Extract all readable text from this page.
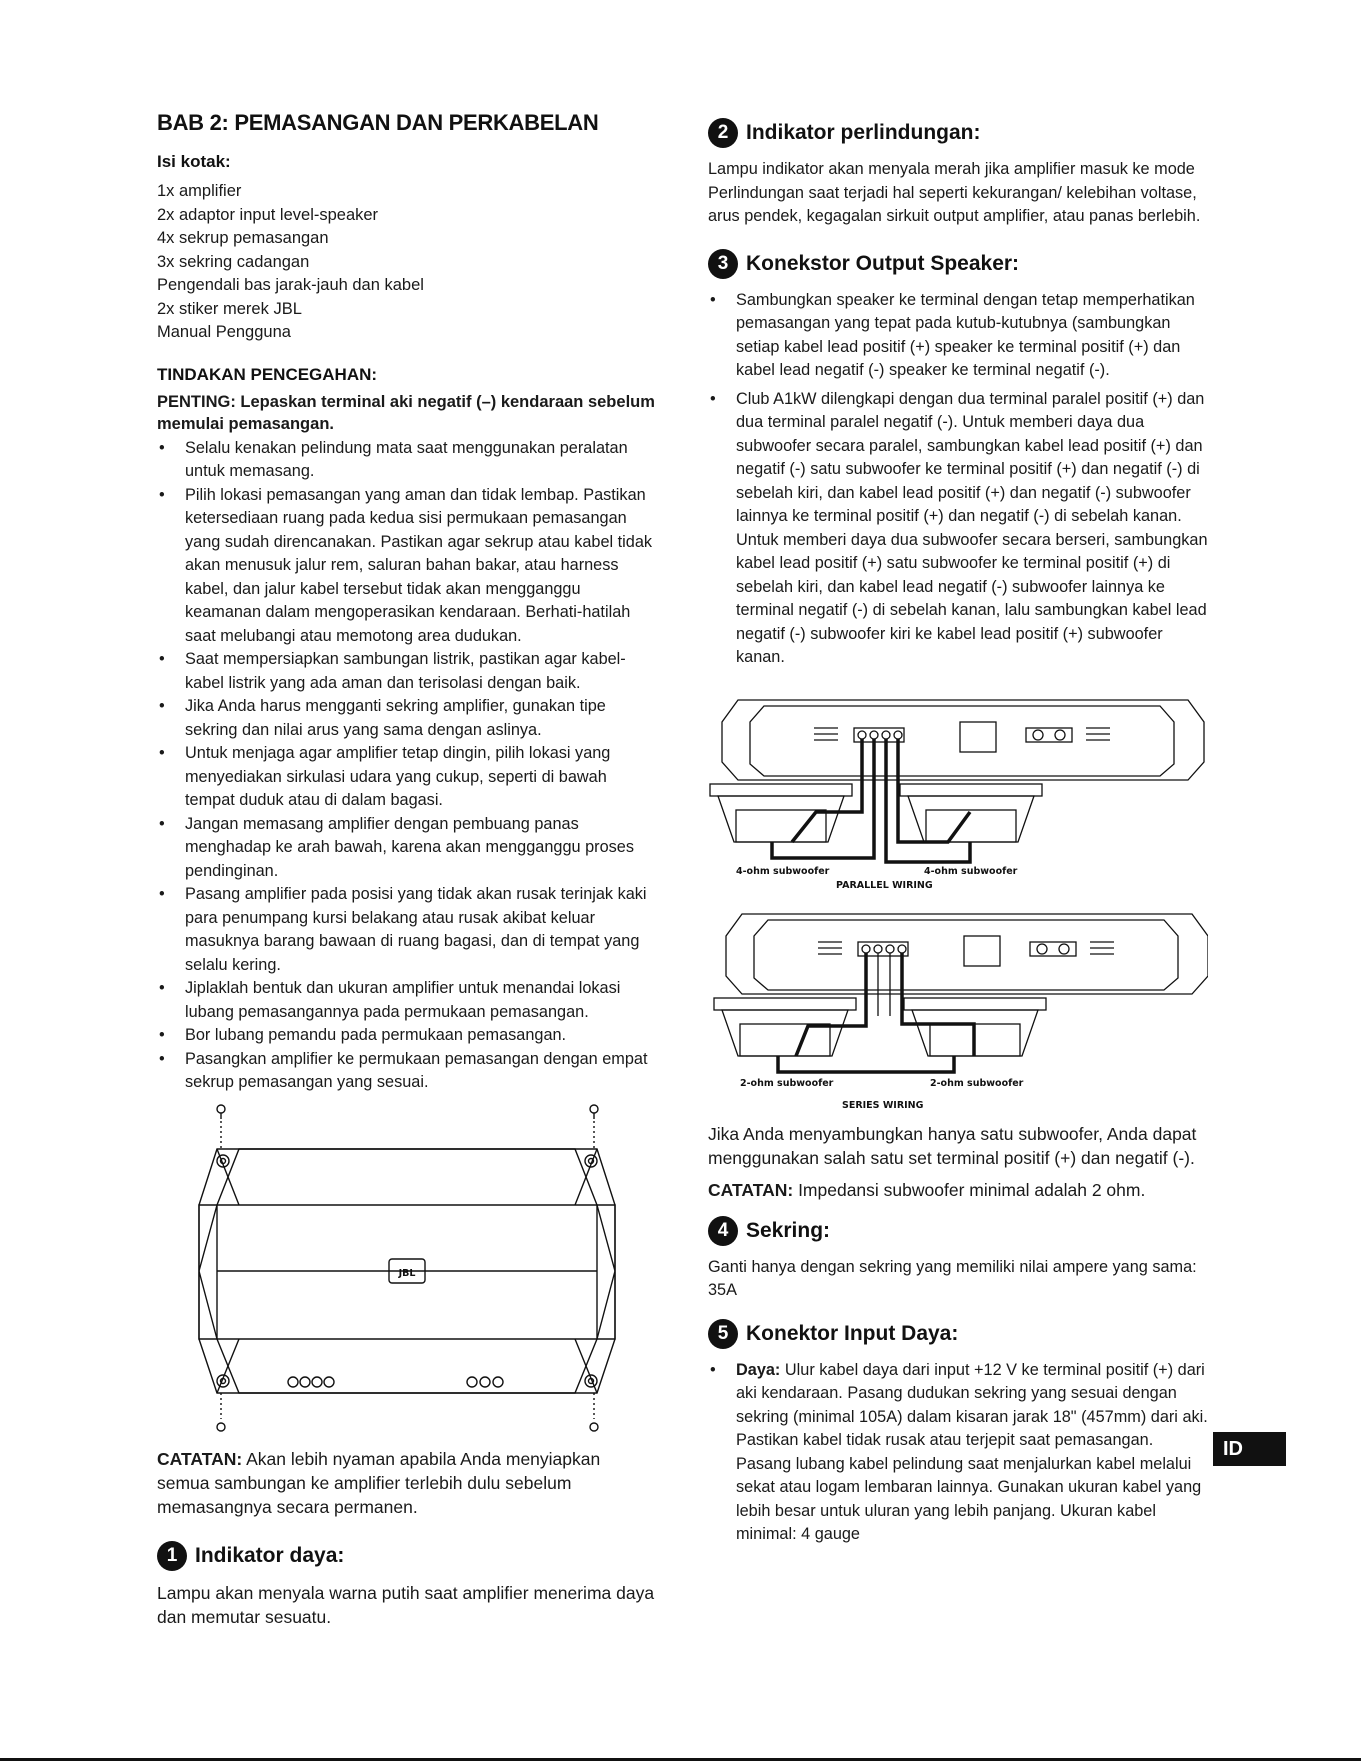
BAB 2: PEMASANGAN DAN PERKABELAN

Isi kotak:

1x amplifier

2x adaptor input level-speaker

4x sekrup pemasangan

3x sekring cadangan

Pengendali bas jarak-jauh dan kabel

2x stiker merek JBL

Manual Pengguna

TINDAKAN PENCEGAHAN:

PENTING: Lepaskan terminal aki negatif (–) kendaraan sebelum memulai pemasangan.

• Selalu kenakan pelindung mata saat menggunakan peralatan untuk memasang.
• Pilih lokasi pemasangan yang aman dan tidak lembap. Pastikan ketersediaan ruang pada kedua sisi permukaan pemasangan yang sudah direncanakan. Pastikan agar sekrup atau kabel tidak akan menusuk jalur rem, saluran bahan bakar, atau harness kabel, dan jalur kabel tersebut tidak akan mengganggu keamanan dalam mengoperasikan kendaraan. Berhati-hatilah saat melubangi atau memotong area dudukan.
• Saat mempersiapkan sambungan listrik, pastikan agar kabel-kabel listrik yang ada aman dan terisolasi dengan baik.
• Jika Anda harus mengganti sekring amplifier, gunakan tipe sekring dan nilai arus yang sama dengan aslinya.
• Untuk menjaga agar amplifier tetap dingin, pilih lokasi yang menyediakan sirkulasi udara yang cukup, seperti di bawah tempat duduk atau di dalam bagasi.
• Jangan memasang amplifier dengan pembuang panas menghadap ke arah bawah, karena akan mengganggu proses pendinginan.
• Pasang amplifier pada posisi yang tidak akan rusak terinjak kaki para penumpang kursi belakang atau rusak akibat keluar masuknya barang bawaan di ruang bagasi, dan di tempat yang selalu kering.
• Jiplaklah bentuk dan ukuran amplifier untuk menandai lokasi lubang pemasangannya pada permukaan pemasangan.
• Bor lubang pemandu pada permukaan pemasangan.
• Pasangkan amplifier ke permukaan pemasangan dengan empat sekrup pemasangan yang sesuai.
JBL

CATATAN: Akan lebih nyaman apabila Anda menyiapkan semua sambungan ke amplifier terlebih dulu sebelum memasangnya secara permanen.

1 Indikator daya:

Lampu akan menyala warna putih saat amplifier menerima daya dan memutar sesuatu.

2 Indikator perlindungan:

Lampu indikator akan menyala merah jika amplifier masuk ke mode Perlindungan saat terjadi hal seperti kekurangan/ kelebihan voltase, arus pendek, kegagalan sirkuit output amplifier, atau panas berlebih.

3 Konekstor Output Speaker:
• Sambungkan speaker ke terminal dengan tetap memperhatikan pemasangan yang tepat pada kutub-kutubnya (sambungkan setiap kabel lead positif (+) speaker ke terminal positif (+) dan kabel lead negatif (-) speaker ke terminal negatif (-).
• Club A1kW dilengkapi dengan dua terminal paralel positif (+) dan dua terminal paralel negatif (-). Untuk memberi daya dua subwoofer secara paralel, sambungkan kabel lead positif (+) dan negatif (-) satu subwoofer ke terminal positif (+) dan negatif (-) di sebelah kiri, dan kabel lead positif (+) dan negatif (-) subwoofer lainnya ke terminal positif (+) dan negatif (-) di sebelah kanan. Untuk memberi daya dua subwoofer secara berseri, sambungkan kabel lead positif (+) satu subwoofer ke terminal positif (+) di sebelah kiri, dan kabel lead negatif (-) subwoofer lainnya ke terminal negatif (-) di sebelah kanan, lalu sambungkan kabel lead negatif (-) subwoofer kiri ke kabel lead positif (+) subwoofer kanan.
4-ohm subwoofer	4-ohm subwoofer
PARALLEL WIRING
2-ohm subwoofer	2-ohm subwoofer
SERIES WIRING

Jika Anda menyambungkan hanya satu subwoofer, Anda dapat menggunakan salah satu set terminal positif (+) dan negatif (-).

CATATAN: Impedansi subwoofer minimal adalah 2 ohm.

4 Sekring:

Ganti hanya dengan sekring yang memiliki nilai ampere yang sama: 35A

5 Konektor Input Daya:
• Daya: Ulur kabel daya dari input +12 V ke terminal positif (+) dari aki kendaraan. Pasang dudukan sekring yang sesuai dengan sekring (minimal 105A) dalam kisaran jarak 18" (457mm) dari aki. Pastikan kabel tidak rusak atau terjepit saat pemasangan. Pasang lubang kabel pelindung saat menjalurkan kabel melalui sekat atau logam lembaran lainnya. Gunakan ukuran kabel yang lebih besar untuk uluran yang lebih panjang. Ukuran kabel minimal: 4 gauge
ID
